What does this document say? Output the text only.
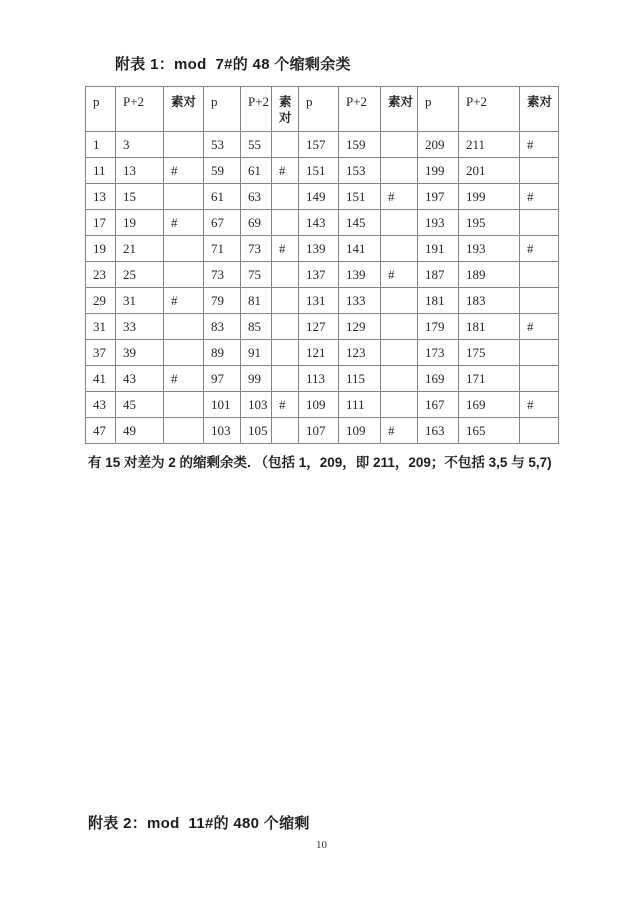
附表 1：mod  7#的 48 个缩剩余类
p	P+2	素对	p	P+2	素对	p	P+2	素对	p	P+2	素对
1	3		53	55		157	159		209	211	#
11	13	#	59	61	#	151	153		199	201	
13	15		61	63		149	151	#	197	199	#
17	19	#	67	69		143	145		193	195	
19	21		71	73	#	139	141		191	193	#
23	25		73	75		137	139	#	187	189	
29	31	#	79	81		131	133		181	183	
31	33		83	85		127	129		179	181	#
37	39		89	91		121	123		173	175	
41	43	#	97	99		113	115		169	171	
43	45		101	103	#	109	111		167	169	#
47	49		103	105		107	109	#	163	165	
有 15 对差为 2 的缩剩余类. （包括 1，209，即 211，209；不包括 3,5 与 5,7)
附表 2：mod  11#的 480 个缩剩
10
